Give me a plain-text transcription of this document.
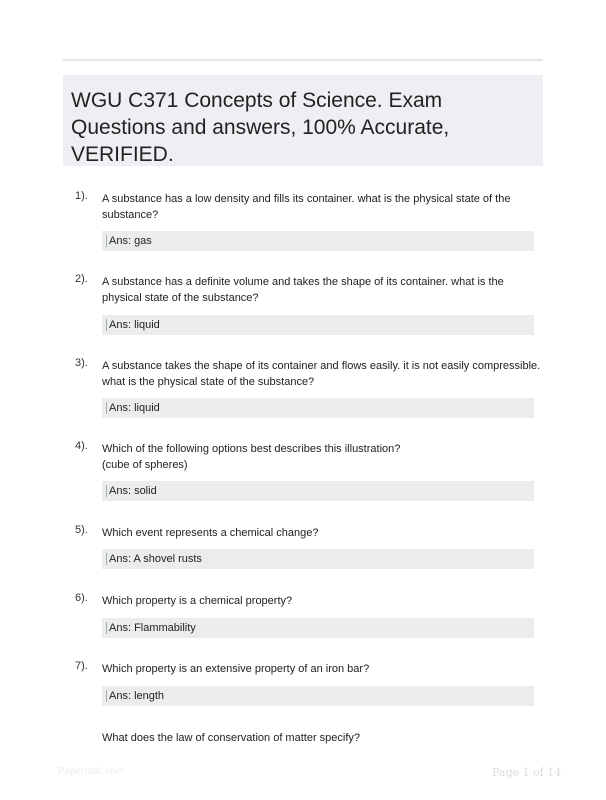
WGU C371 Concepts of Science. Exam Questions and answers, 100% Accurate, VERIFIED.
1). A substance has a low density and fills its container. what is the physical state of the substance?
Ans: gas
2). A substance has a definite volume and takes the shape of its container. what is the physical state of the substance?
Ans: liquid
3). A substance takes the shape of its container and flows easily. it is not easily compressible. what is the physical state of the substance?
Ans: liquid
4). Which of the following options best describes this illustration?
(cube of spheres)
Ans: solid
5). Which event represents a chemical change?
Ans: A shovel rusts
6). Which property is a chemical property?
Ans: Flammability
7). Which property is an extensive property of an iron bar?
Ans: length
What does the law of conservation of matter specify?
Papertstic.com	Page 1 of 14
